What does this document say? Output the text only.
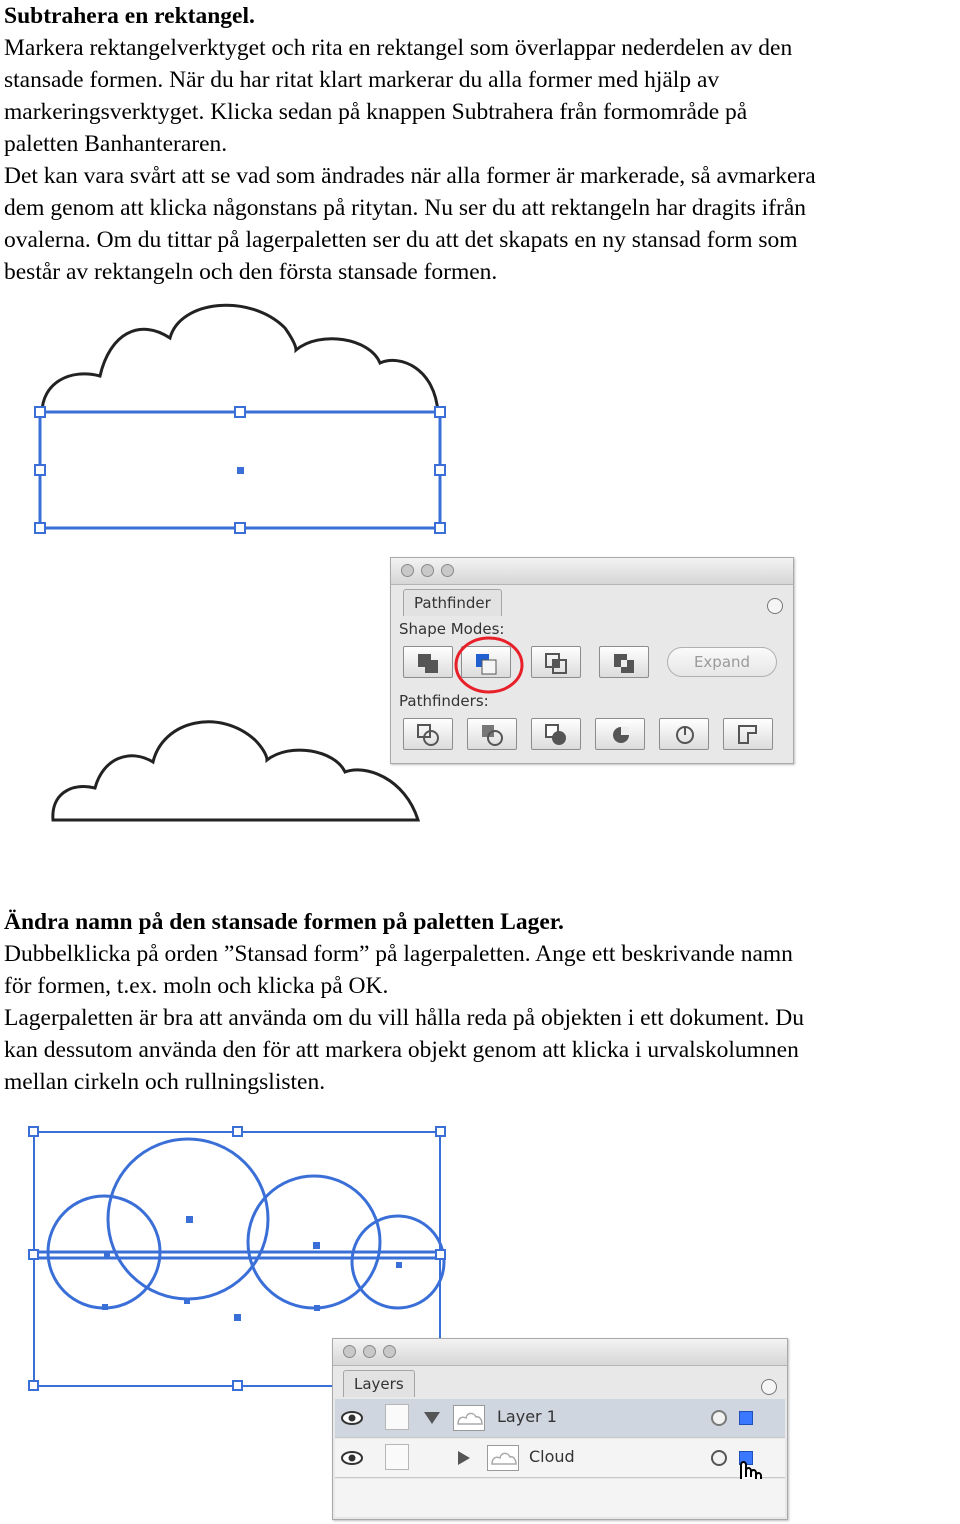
Subtrahera en rektangel.

Markera rektangelverktyget och rita en rektangel som överlappar nederdelen av den

stansade formen. När du har ritat klart markerar du alla former med hjälp av

markeringsverktyget. Klicka sedan på knappen Subtrahera från formområde på

paletten Banhanteraren.

Det kan vara svårt att se vad som ändrades när alla former är markerade, så avmarkera

dem genom att klicka någonstans på ritytan. Nu ser du att rektangeln har dragits ifrån

ovalerna. Om du tittar på lagerpaletten ser du att det skapats en ny stansad form som

består av rektangeln och den första stansade formen.

Pathfinder
Shape Modes:
Expand
Pathfinders:

Ändra namn på den stansade formen på paletten Lager.

Dubbelklicka på orden ”Stansad form” på lagerpaletten. Ange ett beskrivande namn

för formen, t.ex. moln och klicka på OK.

Lagerpaletten är bra att använda om du vill hålla reda på objekten i ett dokument. Du

kan dessutom använda den för att markera objekt genom att klicka i urvalskolumnen

mellan cirkeln och rullningslisten.

Layers
Layer 1
Cloud
